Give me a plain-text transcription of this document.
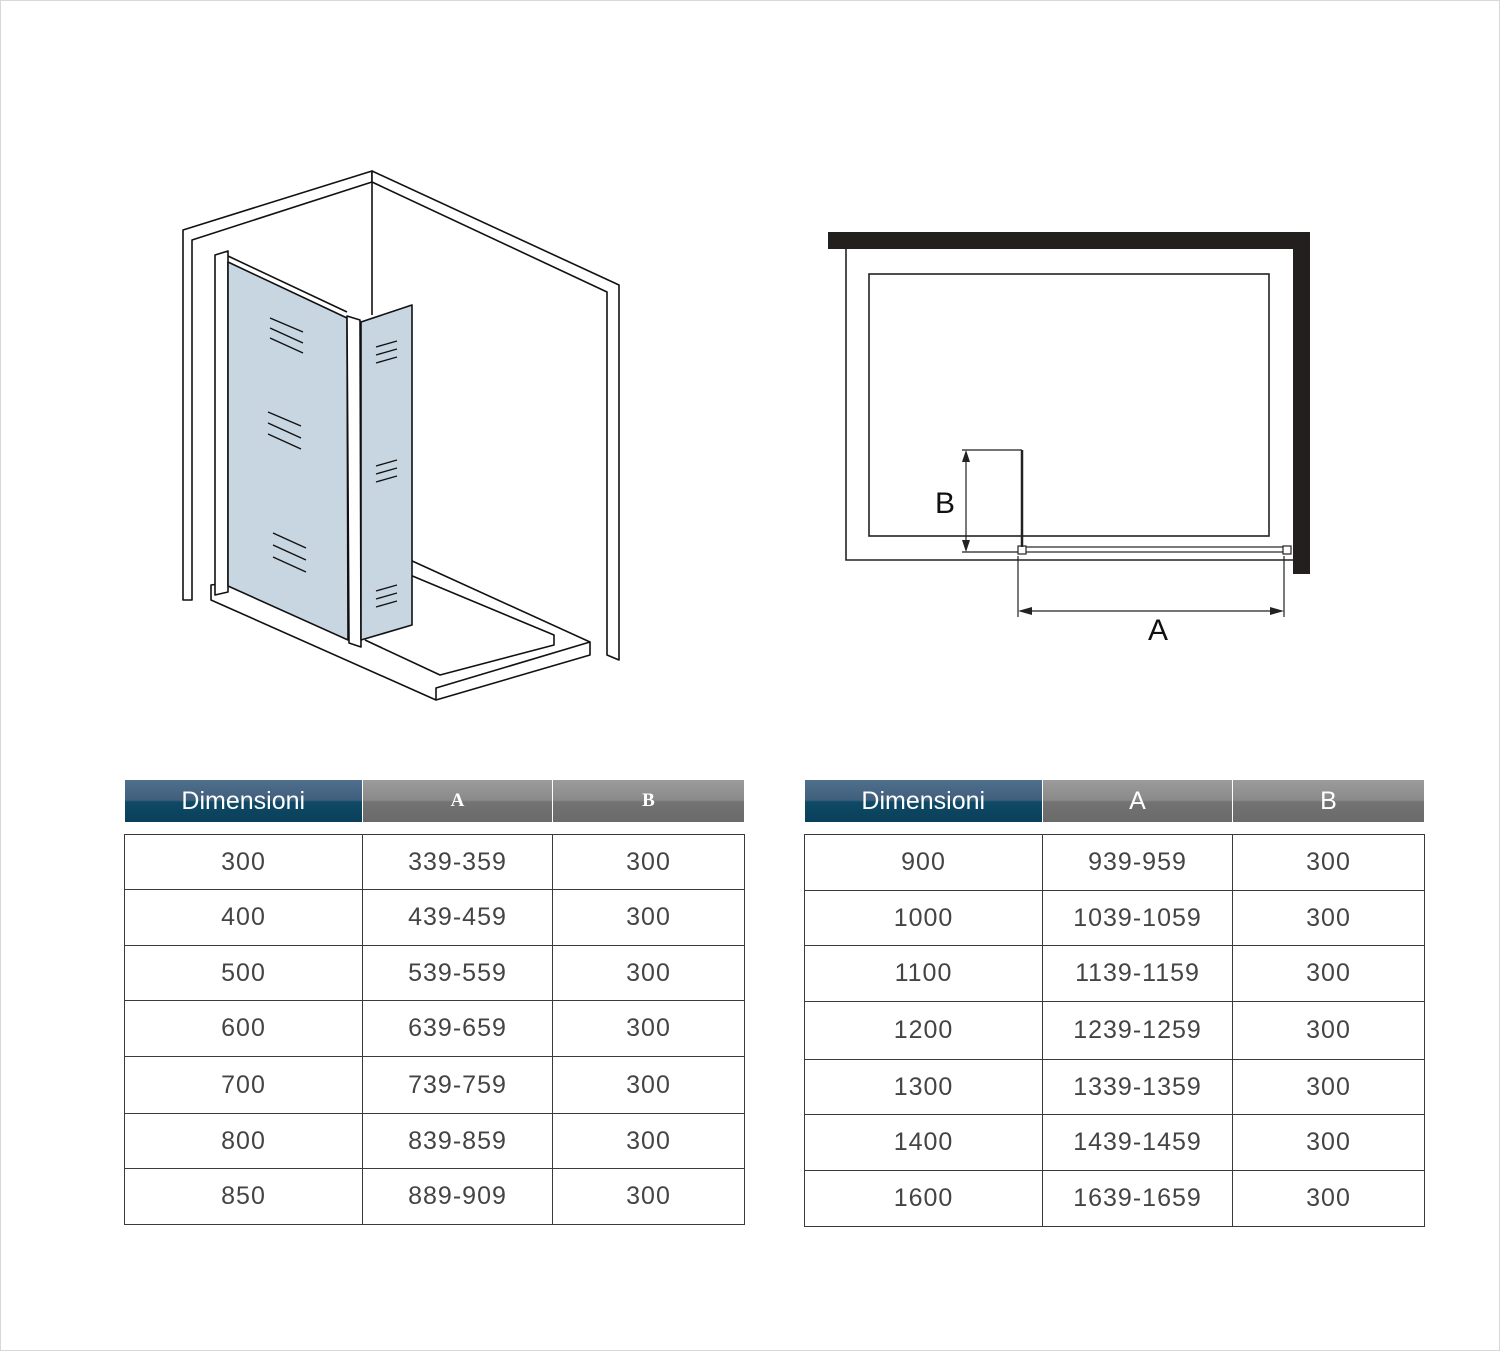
B
A
Dimensioni	A	B

300	339-359	300
400	439-459	300
500	539-559	300
600	639-659	300
700	739-759	300
800	839-859	300
850	889-909	300
Dimensioni	A	B

900	939-959	300
1000	1039-1059	300
1100	1139-1159	300
1200	1239-1259	300
1300	1339-1359	300
1400	1439-1459	300
1600	1639-1659	300
